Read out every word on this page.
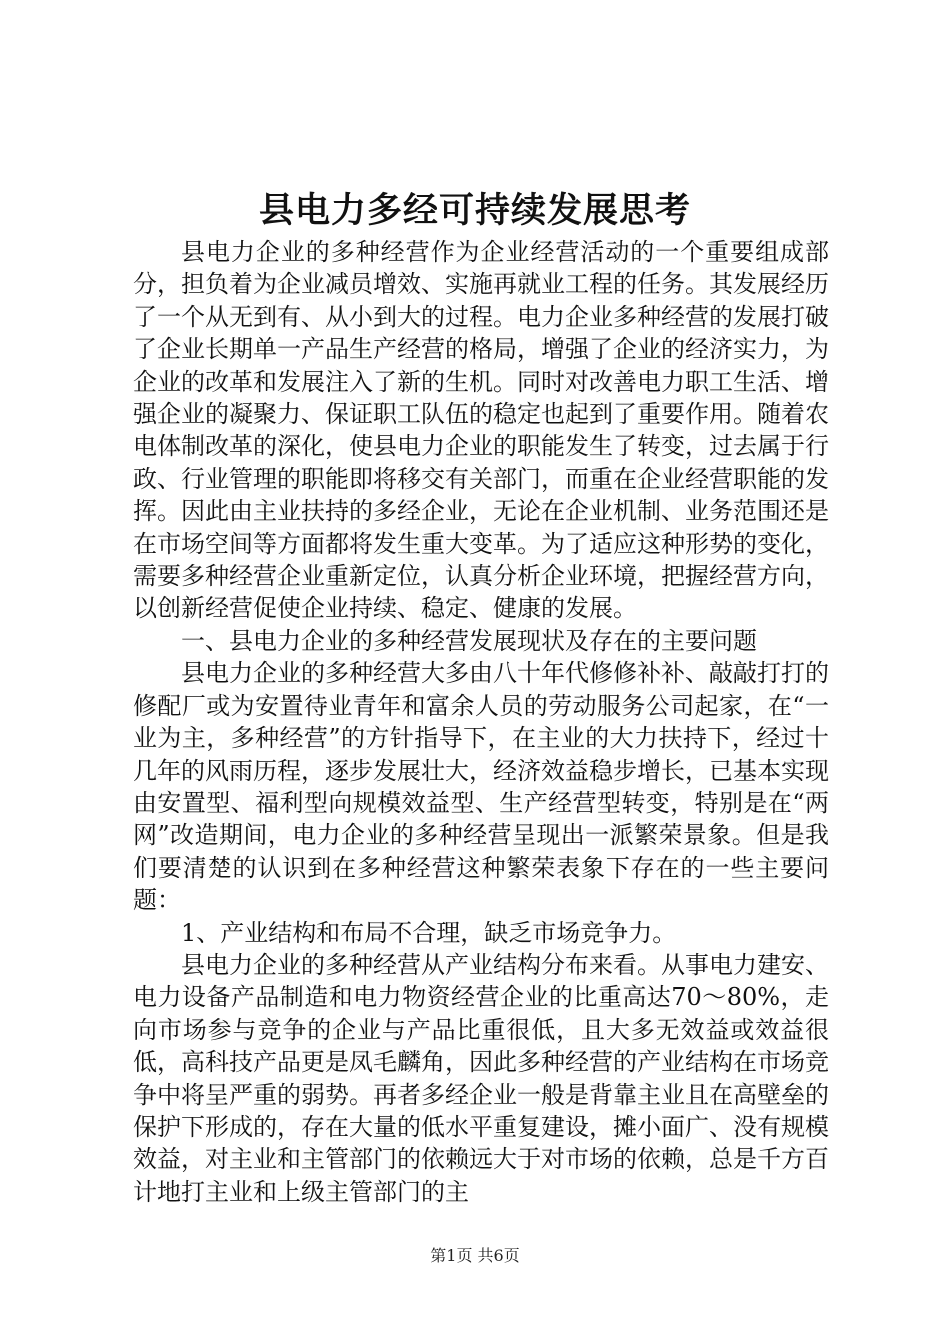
县电力多经可持续发展思考

县电力企业的多种经营作为企业经营活动的一个重要组成部分，担负着为企业减员增效、实施再就业工程的任务。其发展经历了一个从无到有、从小到大的过程。电力企业多种经营的发展打破了企业长期单一产品生产经营的格局，增强了企业的经济实力，为企业的改革和发展注入了新的生机。同时对改善电力职工生活、增强企业的凝聚力、保证职工队伍的稳定也起到了重要作用。随着农电体制改革的深化，使县电力企业的职能发生了转变，过去属于行政、行业管理的职能即将移交有关部门，而重在企业经营职能的发挥。因此由主业扶持的多经企业，无论在企业机制、业务范围还是在市场空间等方面都将发生重大变革。为了适应这种形势的变化，需要多种经营企业重新定位，认真分析企业环境，把握经营方向，以创新经营促使企业持续、稳定、健康的发展。

一、县电力企业的多种经营发展现状及存在的主要问题

县电力企业的多种经营大多由八十年代修修补补、敲敲打打的修配厂或为安置待业青年和富余人员的劳动服务公司起家，在“一业为主，多种经营”的方针指导下，在主业的大力扶持下，经过十几年的风雨历程，逐步发展壮大，经济效益稳步增长，已基本实现由安置型、福利型向规模效益型、生产经营型转变，特别是在“两网”改造期间，电力企业的多种经营呈现出一派繁荣景象。但是我们要清楚的认识到在多种经营这种繁荣表象下存在的一些主要问题：

1、产业结构和布局不合理，缺乏市场竞争力。

县电力企业的多种经营从产业结构分布来看。从事电力建安、电力设备产品制造和电力物资经营企业的比重高达70～80%，走向市场参与竞争的企业与产品比重很低，且大多无效益或效益很低，高科技产品更是凤毛麟角，因此多种经营的产业结构在市场竞争中将呈严重的弱势。再者多经企业一般是背靠主业且在高壁垒的保护下形成的，存在大量的低水平重复建设，摊小面广、没有规模效益，对主业和主管部门的依赖远大于对市场的依赖，总是千方百计地打主业和上级主管部门的主

第1页 共6页
